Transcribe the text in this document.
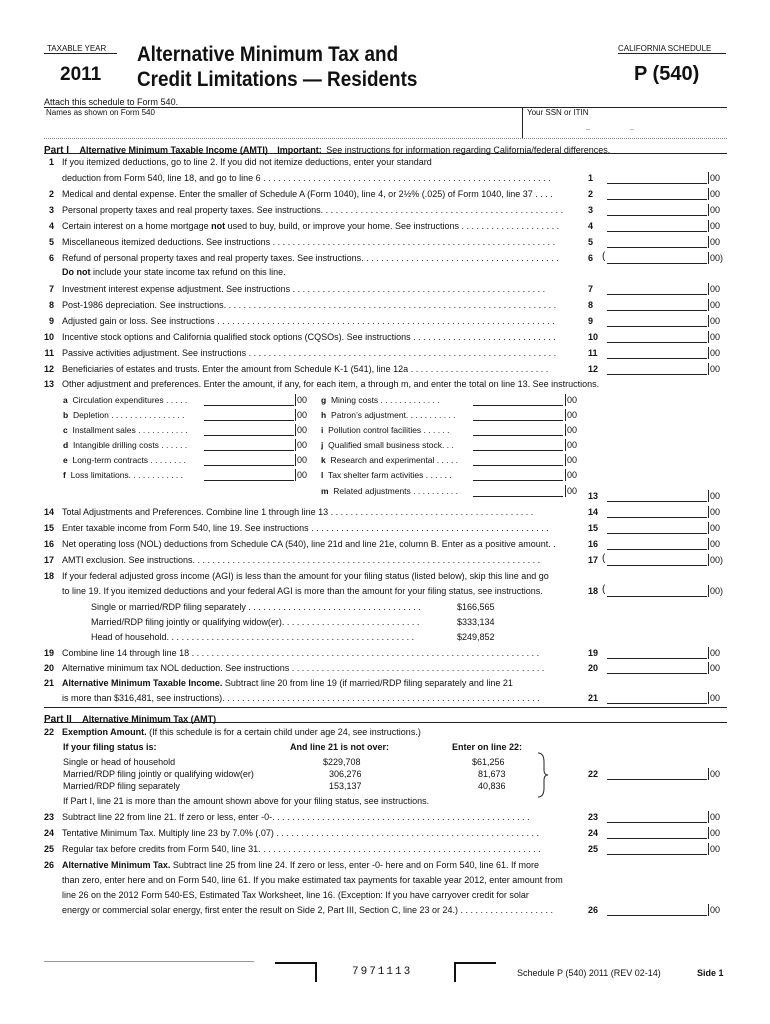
TAXABLE YEAR
2011
Alternative Minimum Tax and
Credit Limitations — Residents
CALIFORNIA SCHEDULE
P (540)
Attach this schedule to Form 540.
Names as shown on Form 540	Your SSN or ITIN
–	–
Part I Alternative Minimum Taxable Income (AMTI) Important: See instructions for information regarding California/federal differences.
1 If you itemized deductions, go to line 2. If you did not itemize deductions, enter your standard
deduction from Form 540, line 18, and go to line 6 . . . . . . . . . . . . . . . . . . . . . . . . . . . . . . . . . . . . . . . . . . . . . . . . . . . . . . . . . .	1	00
2 Medical and dental expense. Enter the smaller of Schedule A (Form 1040), line 4, or 2½% (.025) of Form 1040, line 37 . . . .	2	00
3 Personal property taxes and real property taxes. See instructions. . . . . . . . . . . . . . . . . . . . . . . . . . . . . . . . . . . . . . . . . . . . . . . . .	3	00
4 Certain interest on a home mortgage not used to buy, build, or improve your home. See instructions . . . . . . . . . . . . . . . . . . . .	4	00
5 Miscellaneous itemized deductions. See instructions . . . . . . . . . . . . . . . . . . . . . . . . . . . . . . . . . . . . . . . . . . . . . . . . . . . . . . . . .	5	00
6 Refund of personal property taxes and real property taxes. See instructions. . . . . . . . . . . . . . . . . . . . . . . . . . . . . . . . . . . . . . . .
Do not include your state income tax refund on this line.
6 (	00 )
7 Investment interest expense adjustment. See instructions . . . . . . . . . . . . . . . . . . . . . . . . . . . . . . . . . . . . . . . . . . . . . . . . . . .	7	00
8 Post-1986 depreciation. See instructions. . . . . . . . . . . . . . . . . . . . . . . . . . . . . . . . . . . . . . . . . . . . . . . . . . . . . . . . . . . . . . . . . . .	8	00
9 Adjusted gain or loss. See instructions . . . . . . . . . . . . . . . . . . . . . . . . . . . . . . . . . . . . . . . . . . . . . . . . . . . . . . . . . . . . . . . . . . . .	9	00
10 Incentive stock options and California qualified stock options (CQSOs). See instructions . . . . . . . . . . . . . . . . . . . . . . . . . . . . .	10	00
11 Passive activities adjustment. See instructions . . . . . . . . . . . . . . . . . . . . . . . . . . . . . . . . . . . . . . . . . . . . . . . . . . . . . . . . . . . . . .	11	00
12 Beneficiaries of estates and trusts. Enter the amount from Schedule K-1 (541), line 12a . . . . . . . . . . . . . . . . . . . . . . . . . . . .	12	00
13 Other adjustment and preferences. Enter the amount, if any, for each item, a through m, and enter the total on line 13. See instructions.
a Circulation expenditures . . . . .	00
b Depletion . . . . . . . . . . . . . . . .	00
c Installment sales . . . . . . . . . . .	00
d Intangible drilling costs . . . . . .	00
e Long-term contracts . . . . . . . .	00
f Loss limitations. . . . . . . . . . . .	00
g Mining costs . . . . . . . . . . . . .	00
h Patron’s adjustment. . . . . . . . . . .	00
i Pollution control facilities . . . . . .	00
j Qualified small business stock. . .	00
k Research and experimental . . . . .	00
l Tax shelter farm activities . . . . . .	00
m Related adjustments . . . . . . . . . .	00 13	00
14 Total Adjustments and Preferences. Combine line 1 through line 13 . . . . . . . . . . . . . . . . . . . . . . . . . . . . . . . . . . . . . . . . .	14	00
15 Enter taxable income from Form 540, line 19. See instructions . . . . . . . . . . . . . . . . . . . . . . . . . . . . . . . . . . . . . . . . . . . . . . . .	15	00
16 Net operating loss (NOL) deductions from Schedule CA (540), line 21d and line 21e, column B. Enter as a positive amount. .	16	00
17 AMTI exclusion. See instructions. . . . . . . . . . . . . . . . . . . . . . . . . . . . . . . . . . . . . . . . . . . . . . . . . . . . . . . . . . . . . . . . . . . . . .	17 (	00 )
18 If your federal adjusted gross income (AGI) is less than the amount for your filing status (listed below), skip this line and go
to line 19. If you itemized deductions and your federal AGI is more than the amount for your filing status, see instructions.	18 (	00 )
Single or married/RDP filing separately . . . . . . . . . . . . . . . . . . . . . . . . . . . . . . . . . . .	$166,565
Married/RDP filing jointly or qualifying widow(er). . . . . . . . . . . . . . . . . . . . . . . . . . . .	$333,134
Head of household. . . . . . . . . . . . . . . . . . . . . . . . . . . . . . . . . . . . . . . . . . . . . . . . . .	$249,852
19 Combine line 14 through line 18 . . . . . . . . . . . . . . . . . . . . . . . . . . . . . . . . . . . . . . . . . . . . . . . . . . . . . . . . . . . . . . . . . . . . . .	19	00
20 Alternative minimum tax NOL deduction. See instructions . . . . . . . . . . . . . . . . . . . . . . . . . . . . . . . . . . . . . . . . . . . . . . . . . . .	20	00
21 Alternative Minimum Taxable Income. Subtract line 20 from line 19 (if married/RDP filing separately and line 21
is more than $316,481, see instructions). . . . . . . . . . . . . . . . . . . . . . . . . . . . . . . . . . . . . . . . . . . . . . . . . . . . . . . . . . . . . . . .	21	00
Part II Alternative Minimum Tax (AMT)
22 Exemption Amount. (If this schedule is for a certain child under age 24, see instructions.)
If your filing status is:	And line 21 is not over:	Enter on line 22:
Single or head of household	$229,708	$61,256
Married/RDP filing jointly or qualifying widow(er)	306,276	81,673
Married/RDP filing separately	153,137	40,836
22	00
If Part I, line 21 is more than the amount shown above for your filing status, see instructions.
23 Subtract line 22 from line 21. If zero or less, enter -0-. . . . . . . . . . . . . . . . . . . . . . . . . . . . . . . . . . . . . . . . . . . . . . . . . . . .	23	00
24 Tentative Minimum Tax. Multiply line 23 by 7.0% (.07) . . . . . . . . . . . . . . . . . . . . . . . . . . . . . . . . . . . . . . . . . . . . . . . . . . . . .	24	00
25 Regular tax before credits from Form 540, line 31. . . . . . . . . . . . . . . . . . . . . . . . . . . . . . . . . . . . . . . . . . . . . . . . . . . . . . . . .	25	00
26 Alternative Minimum Tax. Subtract line 25 from line 24. If zero or less, enter -0- here and on Form 540, line 61. If more
than zero, enter here and on Form 540, line 61. If you make estimated tax payments for taxable year 2012, enter amount from
line 26 on the 2012 Form 540-ES, Estimated Tax Worksheet, line 16. (Exception: If you have carryover credit for solar
energy or commercial solar energy, first enter the result on Side 2, Part III, Section C, line 23 or 24.) . . . . . . . . . . . . . . . . . . .	26	00
7971113	Schedule P (540) 2011 (REV 02-14)	Side 1
